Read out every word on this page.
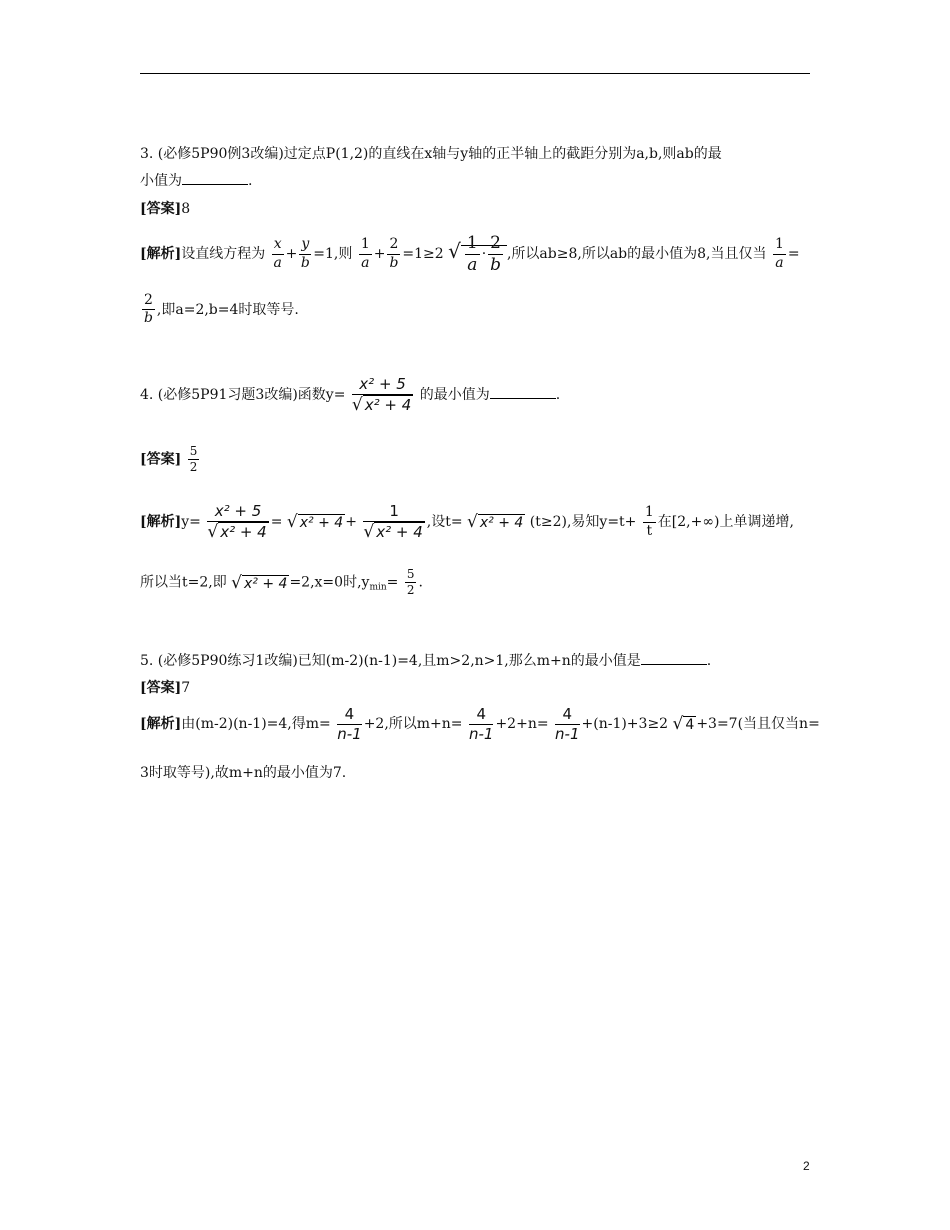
3. (必修5P90例3改编)过定点P(1,2)的直线在x轴与y轴的正半轴上的截距分别为a,b,则ab的最
小值为	.
[答案]8
[解析]设直线方程为 $\frac{x}{a} + \frac{y}{b} =1$,则 $\frac{1}{a} + \frac{2}{b} =1\ge 2$ √ $\frac{1}{a} \cdot \frac{2}{b}$ ,所以ab≥8,所以ab的最小值为8,当且仅当 $\frac{1}{a}$ =
$\frac{2}{b}$ ,即a=2,b=4时取等号.
4. (必修5P91习题3改编)函数$y= \frac{\text{x² + 5}}{\text{√ x² + 4}}$ 的最小值为	.
[答案] $\frac{5}{2}$
[解析]$y= \frac{\text{x² + 5}}{\text{√ x² + 4}}$ = √ $x^2 + 4 + \frac{1}{\text{√ x² + 4}}$ ,设t= √ x² + 4 (t≥2),易知$y=t+ \frac{1}{t}$ 在[2,+∞)上单调递增,
所以当t=2,即 √ x² + 4 =2,x=0时$,y_{min}= \frac{5}{2}$ .
5. (必修5P90练习1改编)已知(m-2)(n-1)=4,且m>2,n>1,那么m+n的最小值是	.
[答案]7
[解析]由(m-2)(n-1)=4,得$m= \frac{4}{n-1} +2$,所以$m+n= \frac{4}{n-1} +2+n= \frac{4}{n-1} +(n-1)+3\ge 2$ √ 4 +3=7(当且仅当n=
3时取等号),故m+n的最小值为7.
2
